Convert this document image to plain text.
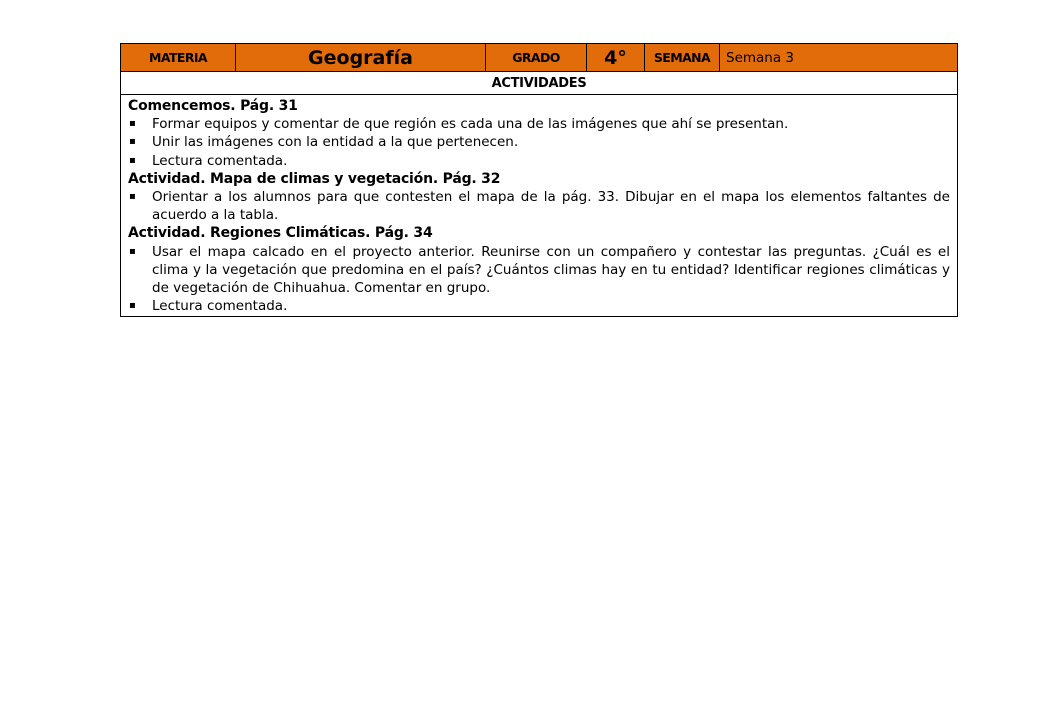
MATERIA	Geografía	GRADO	4°	SEMANA	Semana 3
ACTIVIDADES

Comencemos. Pág. 31
▪ Formar equipos y comentar de que región es cada una de las imágenes que ahí se presentan.
▪ Unir las imágenes con la entidad a la que pertenecen.
▪ Lectura comentada.
Actividad. Mapa de climas y vegetación. Pág. 32
▪ Orientar a los alumnos para que contesten el mapa de la pág. 33. Dibujar en el mapa los elementos faltantes de acuerdo a la tabla.
Actividad. Regiones Climáticas. Pág. 34
▪ Usar el mapa calcado en el proyecto anterior. Reunirse con un compañero y contestar las preguntas. ¿Cuál es el clima y la vegetación que predomina en el país? ¿Cuántos climas hay en tu entidad? Identificar regiones climáticas y de vegetación de Chihuahua. Comentar en grupo.
▪ Lectura comentada.
